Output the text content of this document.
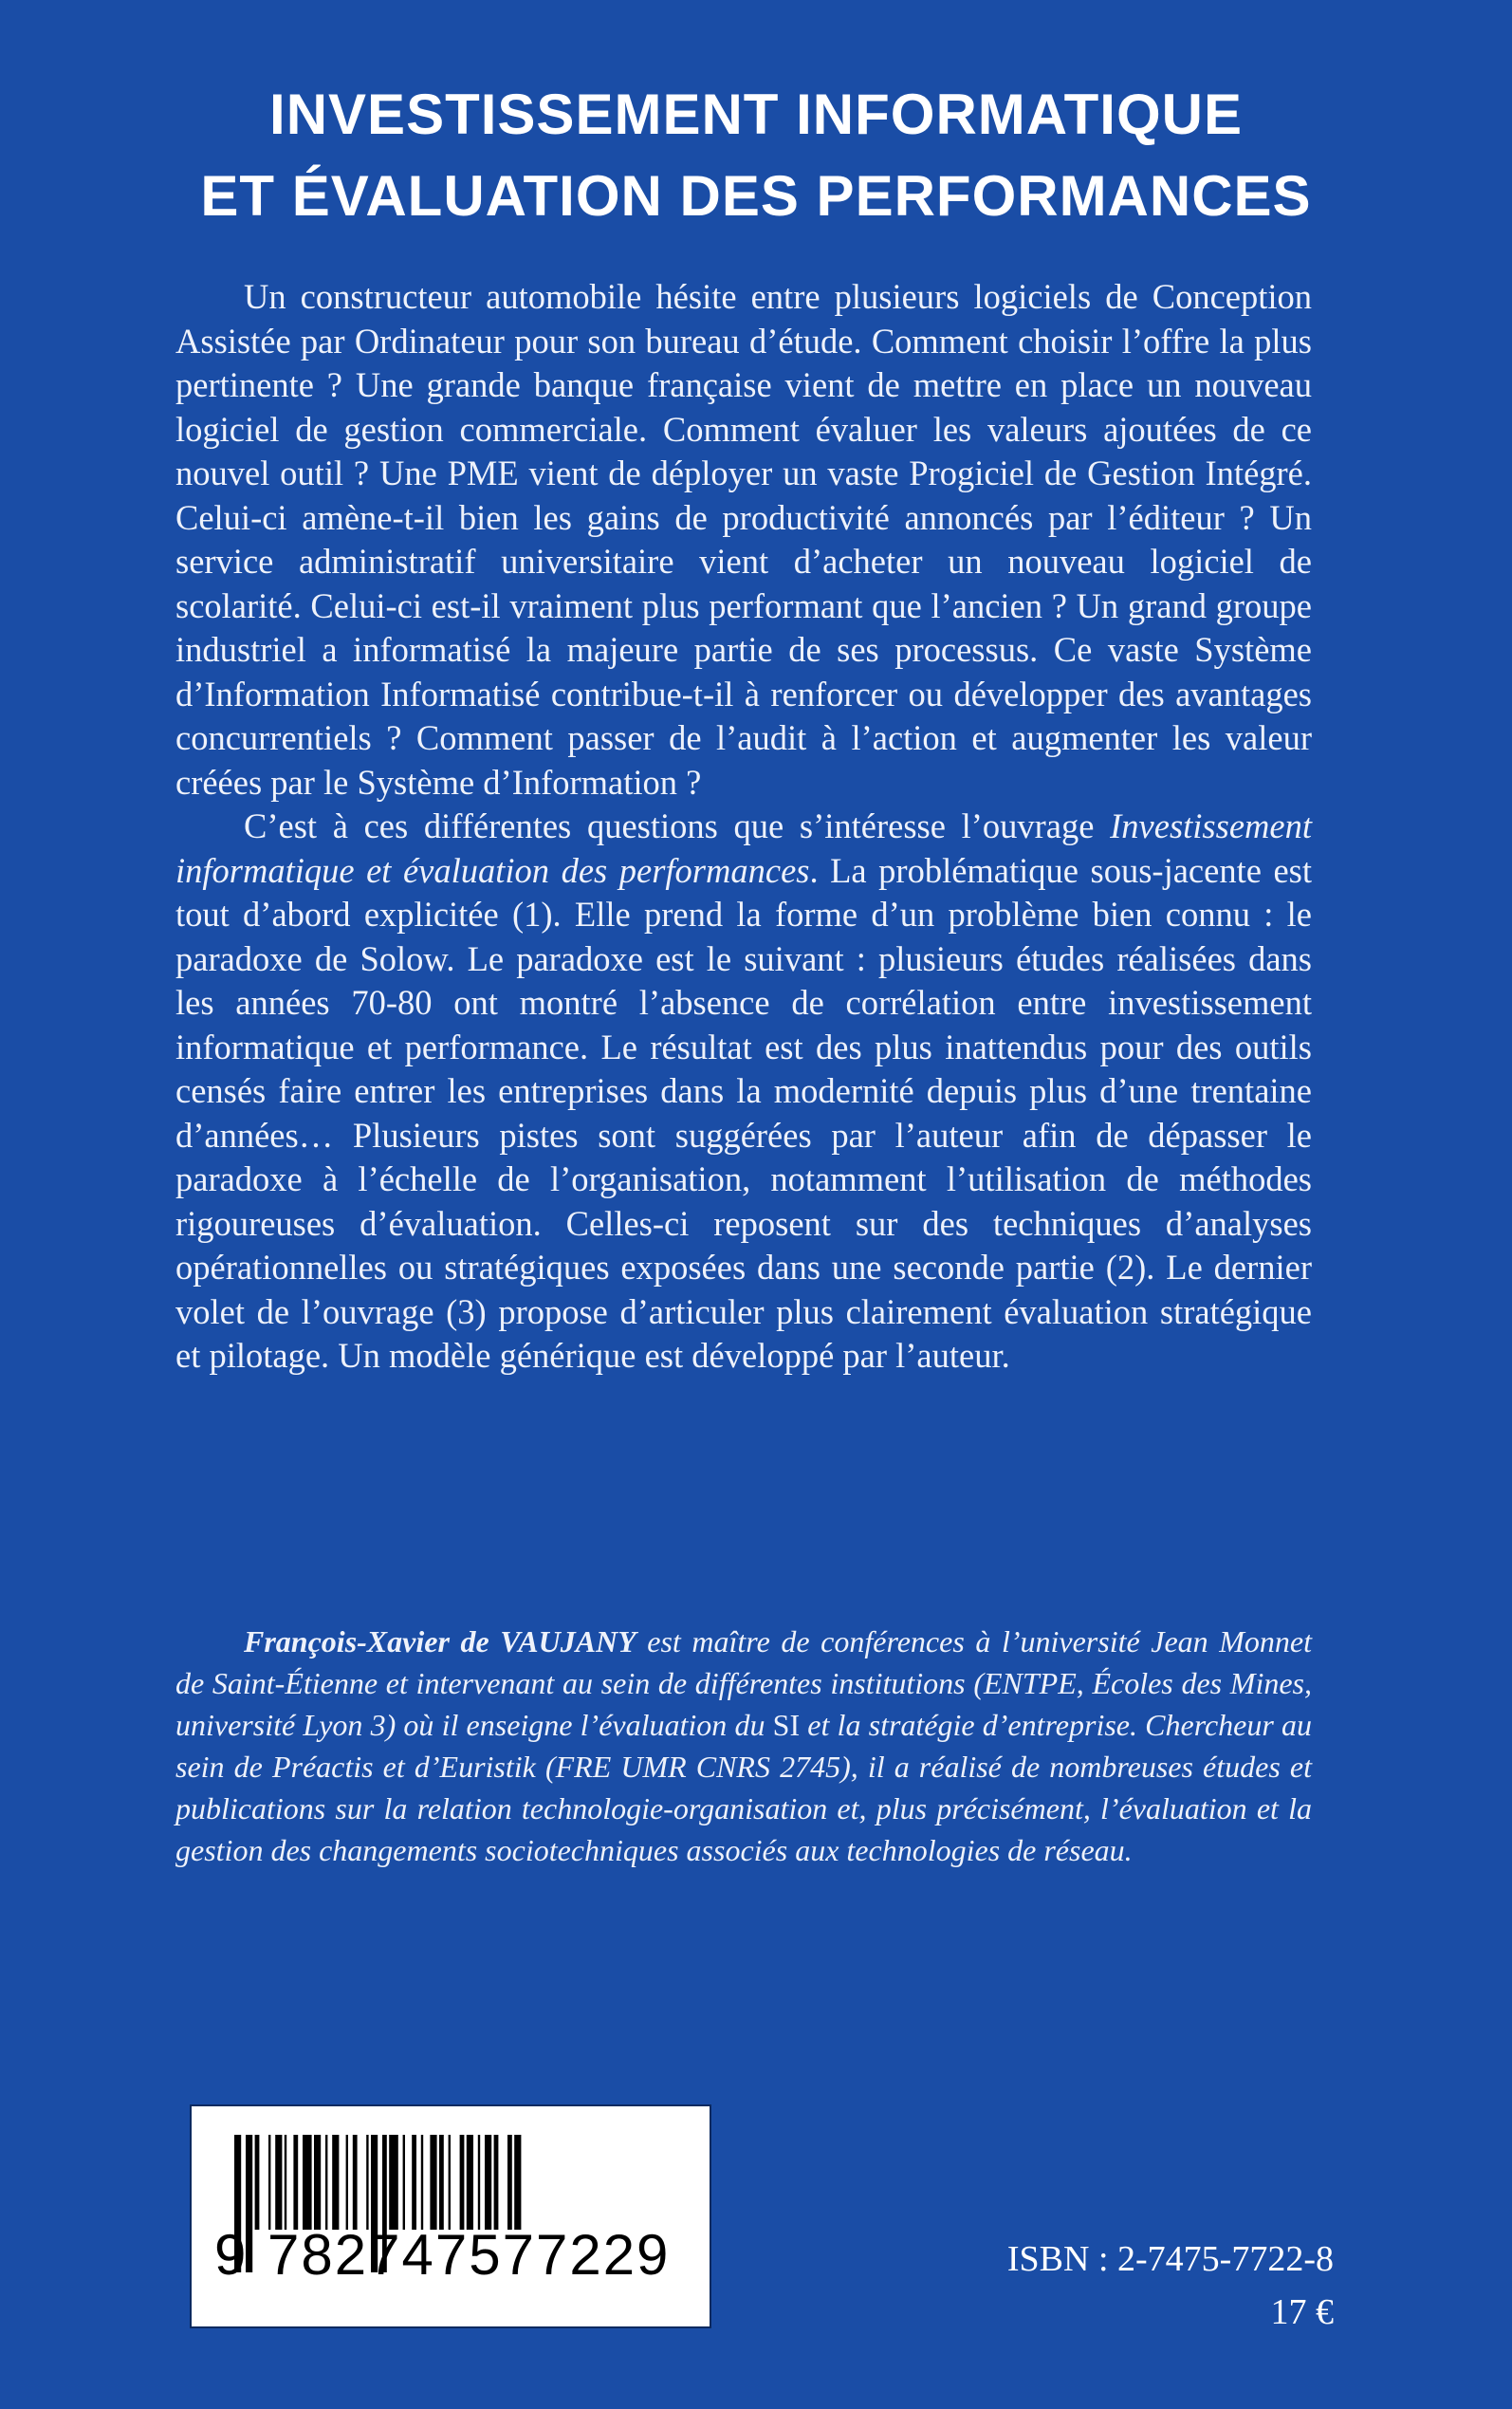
INVESTISSEMENT INFORMATIQUE
ET ÉVALUATION DES PERFORMANCES

Un constructeur automobile hésite entre plusieurs logiciels de Conception Assistée par Ordinateur pour son bureau d’étude. Comment choisir l’offre la plus pertinente ? Une grande banque française vient de mettre en place un nouveau logiciel de gestion commerciale. Comment évaluer les valeurs ajoutées de ce nouvel outil ? Une PME vient de déployer un vaste Progiciel de Gestion Intégré. Celui-ci amène-t-il bien les gains de productivité annoncés par l’éditeur ? Un service administratif universitaire vient d’acheter un nouveau logiciel de scolarité. Celui-ci est-il vraiment plus performant que l’ancien ? Un grand groupe industriel a informatisé la majeure partie de ses processus. Ce vaste Système d’Information Informatisé contribue-t-il à renforcer ou développer des avantages concurrentiels ? Comment passer de l’audit à l’action et augmenter les valeur créées par le Système d’Information ?

C’est à ces différentes questions que s’intéresse l’ouvrage Investissement informatique et évaluation des performances. La problématique sous-jacente est tout d’abord explicitée (1). Elle prend la forme d’un problème bien connu : le paradoxe de Solow. Le paradoxe est le suivant : plusieurs études réalisées dans les années 70-80 ont montré l’absence de corrélation entre investissement informatique et performance. Le résultat est des plus inattendus pour des outils censés faire entrer les entreprises dans la modernité depuis plus d’une trentaine d’années… Plusieurs pistes sont suggérées par l’auteur afin de dépasser le paradoxe à l’échelle de l’organisation, notamment l’utilisation de méthodes rigoureuses d’évaluation. Celles-ci reposent sur des techniques d’analyses opérationnelles ou stratégiques exposées dans une seconde partie (2). Le dernier volet de l’ouvrage (3) propose d’articuler plus clairement évaluation stratégique et pilotage. Un modèle générique est développé par l’auteur.

François-Xavier de VAUJANY est maître de conférences à l’université Jean Monnet de Saint-Étienne et intervenant au sein de différentes institutions (ENTPE, Écoles des Mines, université Lyon 3) où il enseigne l’évaluation du SI et la stratégie d’entreprise. Chercheur au sein de Préactis et d’Euristik (FRE UMR CNRS 2745), il a réalisé de nombreuses études et publications sur la relation technologie-organisation et, plus précisément, l’évaluation et la gestion des changements sociotechniques associés aux technologies de réseau.

9 782747577229	ISBN : 2-7475-7722-8
17 €
